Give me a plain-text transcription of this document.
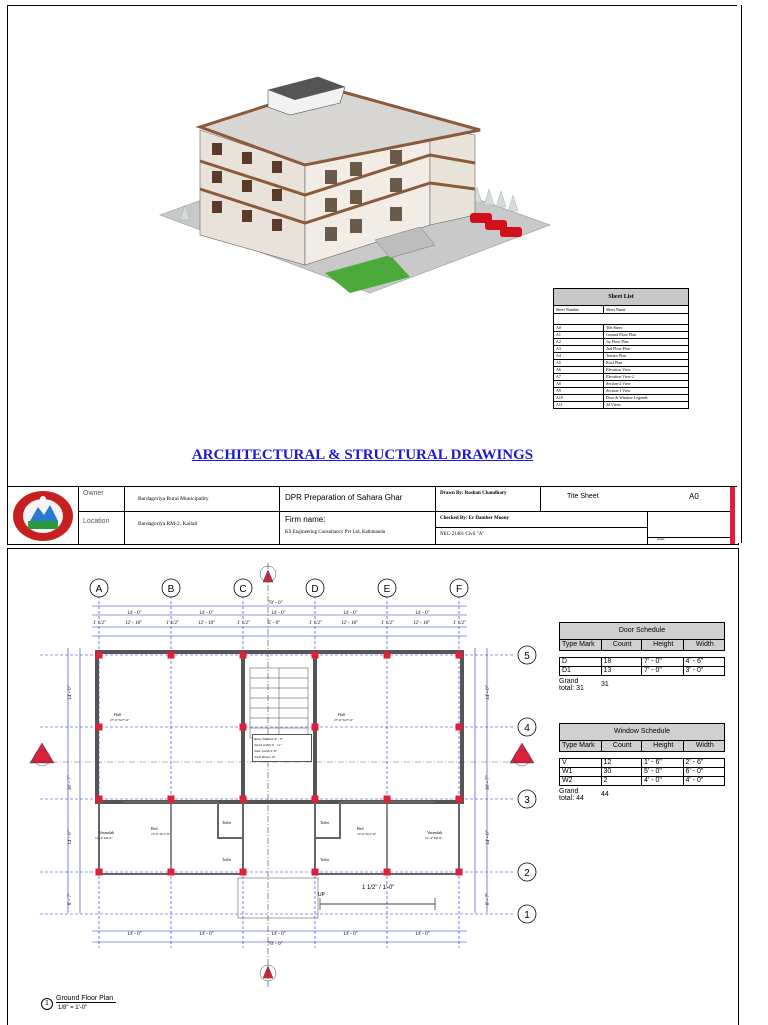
Sheet List
Sheet Number	Sheet Name
A0	Tile Sheet
A1	Ground Floor Plan
A2	1st Floor Plan
A3	2nd Floor Plan
A4	Terrace Plan
A5	Roof Plan
A6	Elevation View
A7	Elevation View-2
A8	Section-2 View
A9	Section-1 View
A10	Door & Window Legends
A11	3d Views
ARCHITECTURAL & STRUCTURAL DRAWINGS
Owner
Bardagoriya Rural Municipality
Location	Bardagoriya RM-2, Kailali
DPR Preparation of Sahara Ghar
Firm name:
KS Engineering Consultancy Pvt Ltd, Kathmandu
Drawn By: Roshan Chaudhary
Checked By: Er Damber Moony
NEC-21461 Civil "A"
Tite Sheet	A0
Scale
A	B	C	D	E	F
5
4
3
2
1
14' - 0"	14' - 0"	14' - 0"	14' - 0"	14' - 0"
1' 1/2"	12' - 10"	1' 1/2"	12' - 10"	1' 1/2"	5' - 0"	1' 1/2"	12' - 10"	1' 1/2"	12' - 10"	1' 1/2"
14' - 0"	14' - 0"	14' - 0"	14' - 0"
14' - 0"
70' - 0"
14' - 0"	14' - 0"
30' - 7"	30' - 7"
14' - 0"	14' - 0"
8' - 7"	8' - 7"
Hall	Hall
Bed	Bed
Verandah	Verandah
Toilet	Toilet
Toilet	Toilet
27'-6"X27'-6"	27'-6"X27'-6"
14'-0"X11'-8"	14'-0"X11'-8"
11'-4"X9'-6"	11'-4"X9'-6"
70' - 0"
Riser Number 9' - 0"
Tread width 0' - 11"
Stair width 3'-6"
Total Risers 18
UP
1 1/2" / 1'-0"
1
Ground Floor Plan
1/8" = 1'-0"
Door Schedule
Type Mark	Count	Height	Width
D	18	7' - 0"	4' - 6"
D1	13	7' - 0"	3' - 0"
Grand total: 31
31
Window Schedule
Type Mark	Count	Height	Width
V	12	1' - 6"	2' - 6"
W1	30	5' - 0"	6' - 0"
W2	2	4' - 0"	4' - 0"
Grand total: 44
44
